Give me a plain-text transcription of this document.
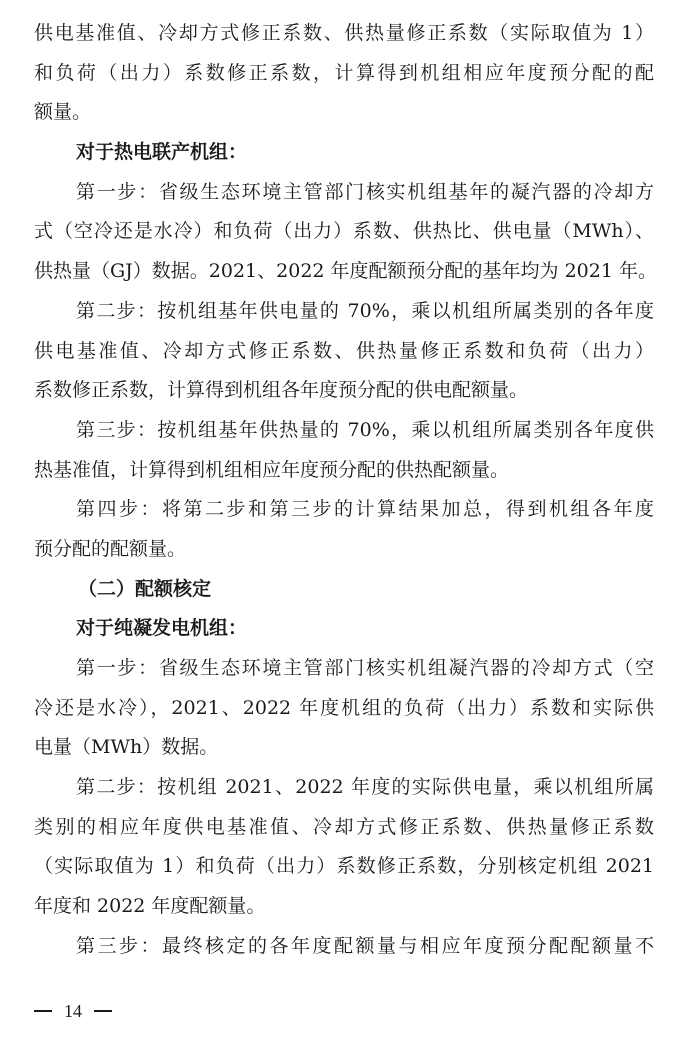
供电基准值、冷却方式修正系数、供热量修正系数（实际取值为 1）
和负荷（出力）系数修正系数，计算得到机组相应年度预分配的配
额量。
对于热电联产机组：
第一步：省级生态环境主管部门核实机组基年的凝汽器的冷却方
式（空冷还是水冷）和负荷（出力）系数、供热比、供电量（MWh）、
供热量（GJ）数据。2021、2022 年度配额预分配的基年均为 2021 年。
第二步：按机组基年供电量的 70%，乘以机组所属类别的各年度
供电基准值、冷却方式修正系数、供热量修正系数和负荷（出力）
系数修正系数，计算得到机组各年度预分配的供电配额量。
第三步：按机组基年供热量的 70%，乘以机组所属类别各年度供
热基准值，计算得到机组相应年度预分配的供热配额量。
第四步：将第二步和第三步的计算结果加总，得到机组各年度
预分配的配额量。
（二）配额核定
对于纯凝发电机组：
第一步：省级生态环境主管部门核实机组凝汽器的冷却方式（空
冷还是水冷），2021、2022 年度机组的负荷（出力）系数和实际供
电量（MWh）数据。
第二步：按机组 2021、2022 年度的实际供电量，乘以机组所属
类别的相应年度供电基准值、冷却方式修正系数、供热量修正系数
（实际取值为 1）和负荷（出力）系数修正系数，分别核定机组 2021
年度和 2022 年度配额量。
第三步：最终核定的各年度配额量与相应年度预分配配额量不
14
